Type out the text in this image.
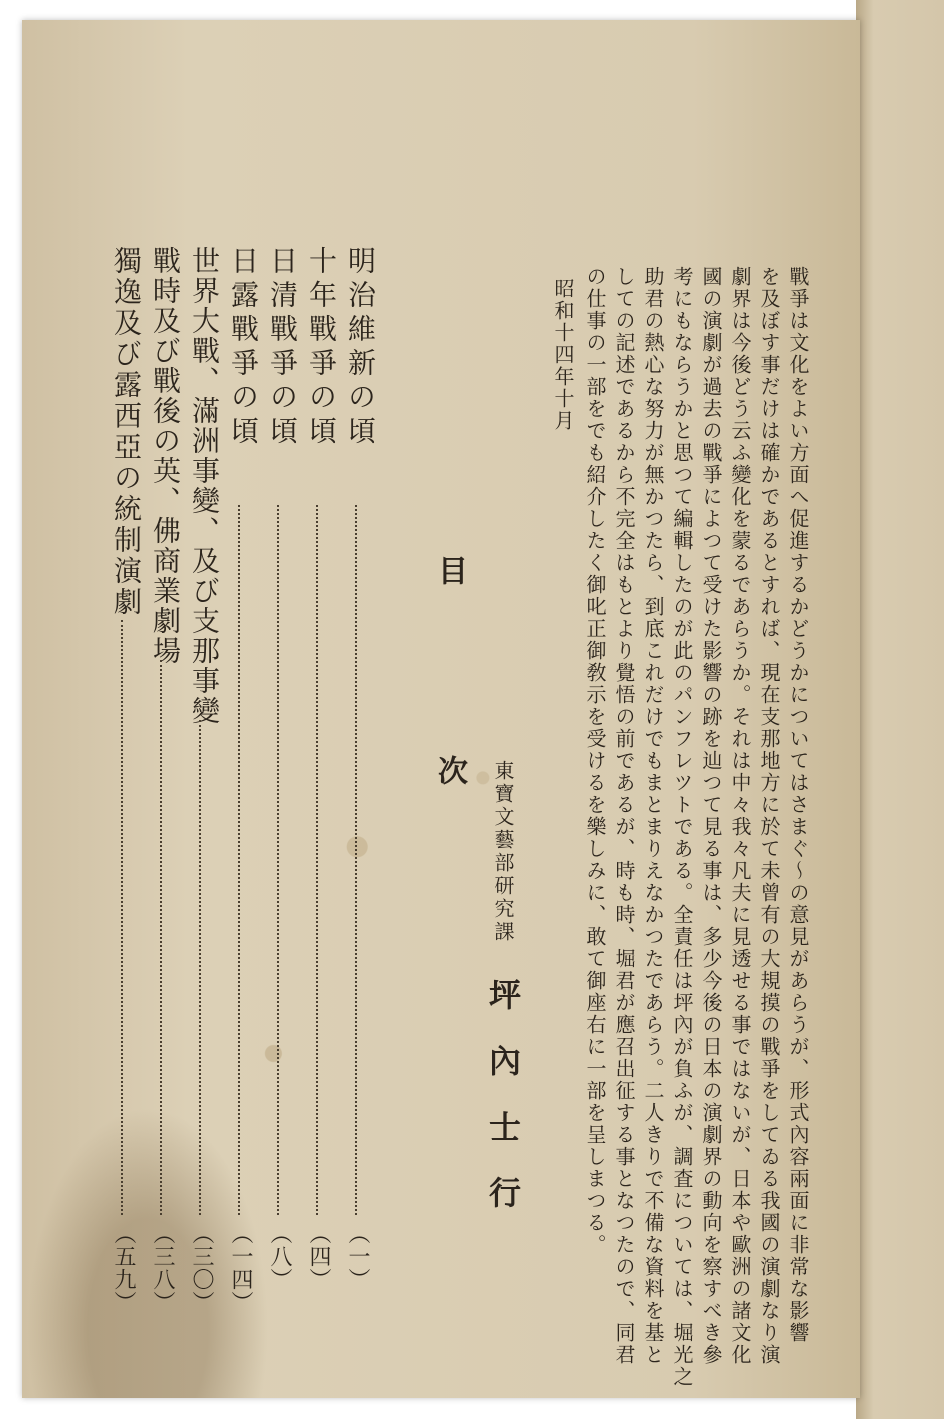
戰爭は文化をよい方面へ促進するかどうかについてはさまぐ〜の意見があらうが、形式內容兩面に非常な影響
を及ぼす事だけは確かであるとすれば、現在支那地方に於て未曾有の大規摸の戰爭をしてゐる我國の演劇なり演
劇界は今後どう云ふ變化を蒙るであらうか。それは中々我々凡夫に見透せる事ではないが、日本や歐洲の諸文化
國の演劇が過去の戰爭によつて受けた影響の跡を辿つて見る事は、多少今後の日本の演劇界の動向を察すべき參
考にもならうかと思つて編輯したのが此のパンフレツトである。全責任は坪內が負ふが、調査については、堀光之
助君の熱心な努力が無かつたら、到底これだけでもまとまりえなかつたであらう。二人きりで不備な資料を基と
しての記述であるから不完全はもとより覺悟の前であるが、時も時、堀君が應召出征する事となつたので、同君
の仕事の一部をでも紹介したく御叱正御敎示を受けるを樂しみに、敢て御座右に一部を呈しまつる。
昭和十四年十月
東寶文藝部研究課
坪內士行
目　次
明治維新の頃
（一）
十年戰爭の頃
（四）
日清戰爭の頃
（八）
日露戰爭の頃
（一四）
世界大戰、滿洲事變、及び支那事變
（三〇）
戰時及び戰後の英、佛商業劇場
（三八）
獨逸及び露西亞の統制演劇
（五九）
